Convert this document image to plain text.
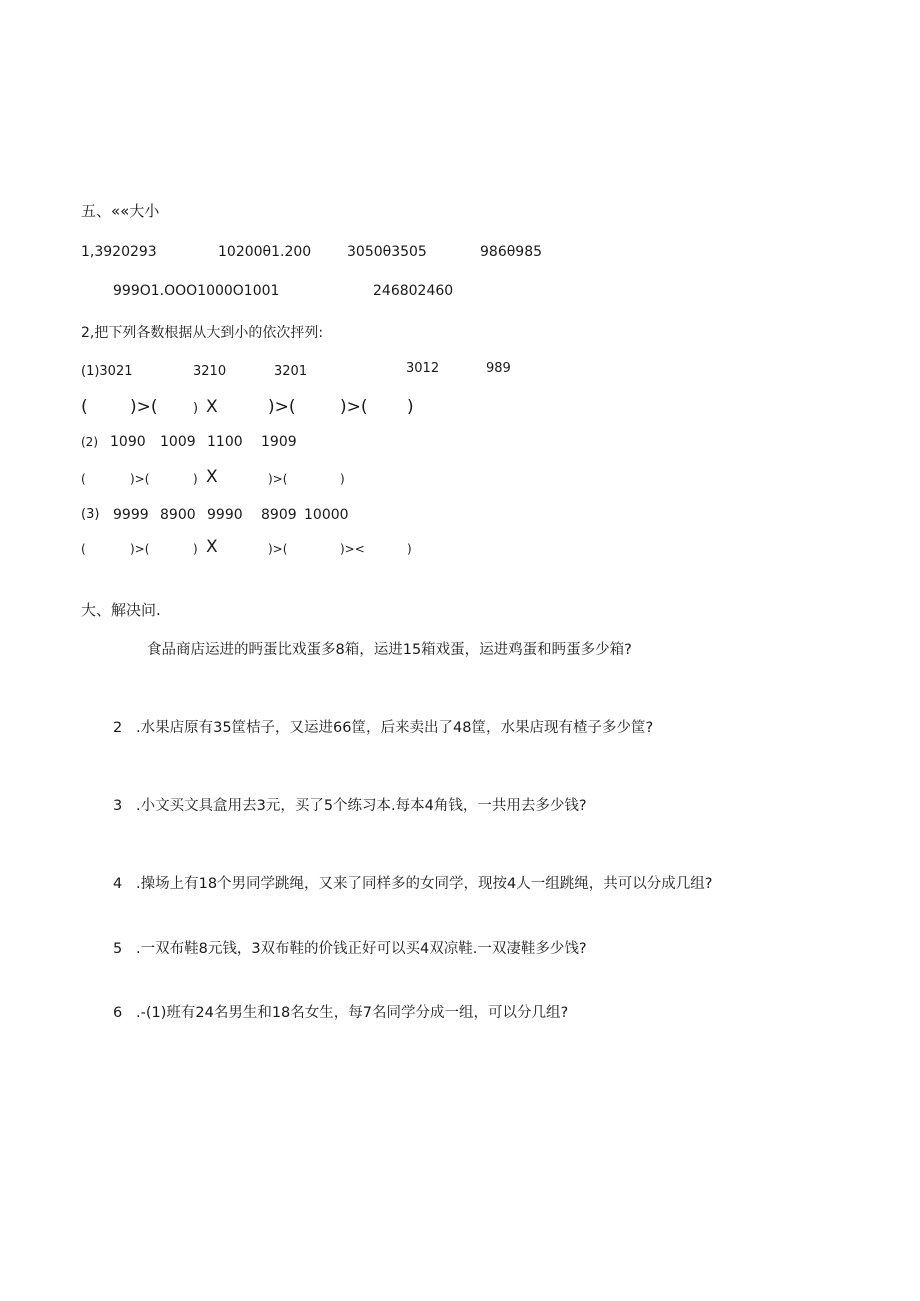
五、««大小
1,3920293	10200θ1.200	3050θ3505	986θ985
999O1.OOO1000O1001	246802460
2,把下列各数根据从大到小的依次抨列:
(1)3021	3210	3201	3012	989
( )>(	) X	)>(	)>( )
(2) 1090 1009 1100 1909
(	)>(	) X	)>(	)
(3) 9999 8900 9990 8909 10000
(	)>(	) X	)>(	)><	)
大、解决问.
食品商店运进的眄蛋比戏蛋多8箱，运进15箱戏蛋，运进鸡蛋和眄蛋多少箱?
2 .水果店原有35筐桔子，又运进66筐，后来卖出了48筐，水果店现有楂子多少筐?
3 .小文买文具盒用去3元，买了5个练习本.每本4角钱，一共用去多少钱?
4 .操场上有18个男同学跳绳，又来了同样多的女同学，现按4人一组跳绳，共可以分成几组?
5 .一双布鞋8元钱，3双布鞋的价钱正好可以买4双凉鞋.一双凄鞋多少饯?
6 .-(1)班有24名男生和18名女生，每7名同学分成一组，可以分几组?
